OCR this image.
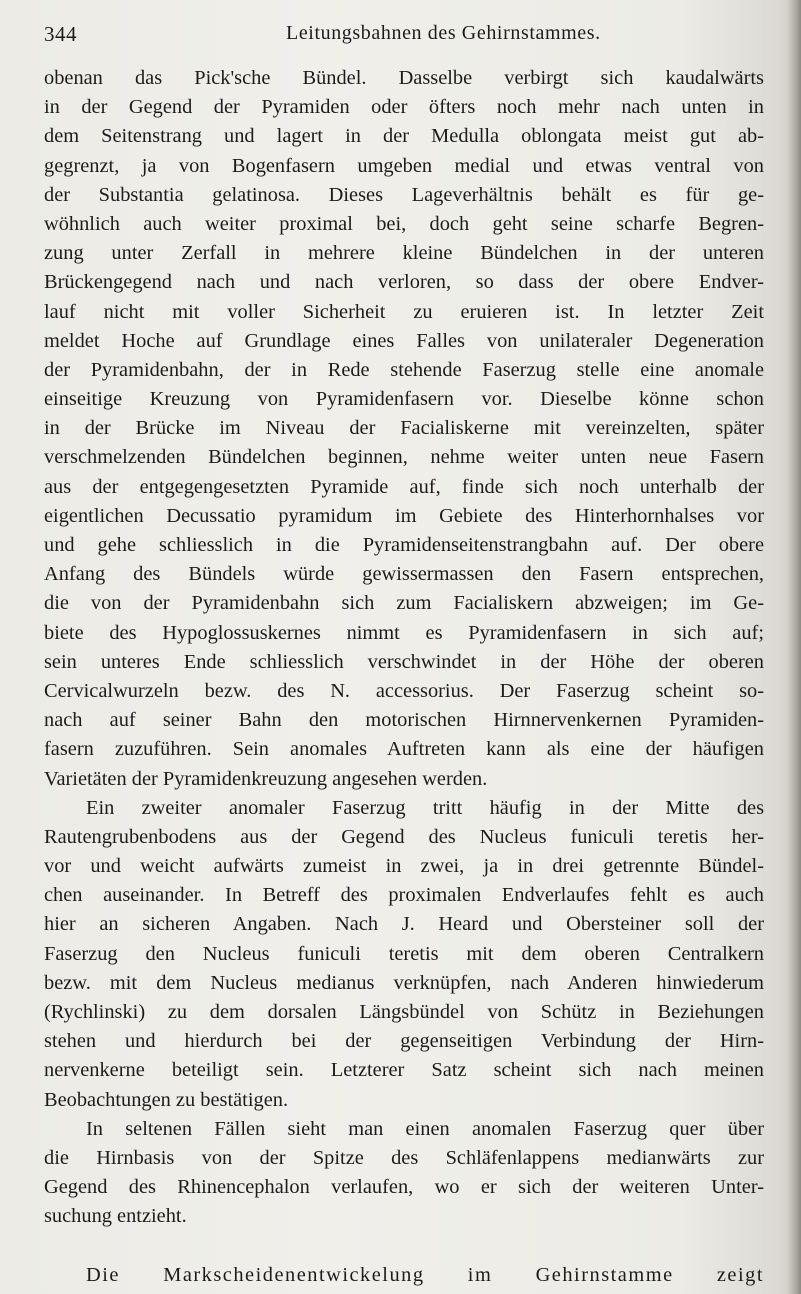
344	Leitungsbahnen des Gehirnstammes.
obenan das Pick'sche Bündel. Dasselbe verbirgt sich kaudalwärts
in der Gegend der Pyramiden oder öfters noch mehr nach unten in
dem Seitenstrang und lagert in der Medulla oblongata meist gut ab-
gegrenzt, ja von Bogenfasern umgeben medial und etwas ventral von
der Substantia gelatinosa. Dieses Lageverhältnis behält es für ge-
wöhnlich auch weiter proximal bei, doch geht seine scharfe Begren-
zung unter Zerfall in mehrere kleine Bündelchen in der unteren
Brückengegend nach und nach verloren, so dass der obere Endver-
lauf nicht mit voller Sicherheit zu eruieren ist. In letzter Zeit
meldet Hoche auf Grundlage eines Falles von unilateraler Degeneration
der Pyramidenbahn, der in Rede stehende Faserzug stelle eine anomale
einseitige Kreuzung von Pyramidenfasern vor. Dieselbe könne schon
in der Brücke im Niveau der Facialiskerne mit vereinzelten, später
verschmelzenden Bündelchen beginnen, nehme weiter unten neue Fasern
aus der entgegengesetzten Pyramide auf, finde sich noch unterhalb der
eigentlichen Decussatio pyramidum im Gebiete des Hinterhornhalses vor
und gehe schliesslich in die Pyramidenseitenstrangbahn auf. Der obere
Anfang des Bündels würde gewissermassen den Fasern entsprechen,
die von der Pyramidenbahn sich zum Facialiskern abzweigen; im Ge-
biete des Hypoglossuskernes nimmt es Pyramidenfasern in sich auf;
sein unteres Ende schliesslich verschwindet in der Höhe der oberen
Cervicalwurzeln bezw. des N. accessorius. Der Faserzug scheint so-
nach auf seiner Bahn den motorischen Hirnnervenkernen Pyramiden-
fasern zuzuführen. Sein anomales Auftreten kann als eine der häufigen
Varietäten der Pyramidenkreuzung angesehen werden.
Ein zweiter anomaler Faserzug tritt häufig in der Mitte des
Rautengrubenbodens aus der Gegend des Nucleus funiculi teretis her-
vor und weicht aufwärts zumeist in zwei, ja in drei getrennte Bündel-
chen auseinander. In Betreff des proximalen Endverlaufes fehlt es auch
hier an sicheren Angaben. Nach J. Heard und Obersteiner soll der
Faserzug den Nucleus funiculi teretis mit dem oberen Centralkern
bezw. mit dem Nucleus medianus verknüpfen, nach Anderen hinwiederum
(Rychlinski) zu dem dorsalen Längsbündel von Schütz in Beziehungen
stehen und hierdurch bei der gegenseitigen Verbindung der Hirn-
nervenkerne beteiligt sein. Letzterer Satz scheint sich nach meinen
Beobachtungen zu bestätigen.
In seltenen Fällen sieht man einen anomalen Faserzug quer über
die Hirnbasis von der Spitze des Schläfenlappens medianwärts zur
Gegend des Rhinencephalon verlaufen, wo er sich der weiteren Unter-
suchung entzieht.
Die Markscheidenentwickelung im Gehirnstamme zeigt
